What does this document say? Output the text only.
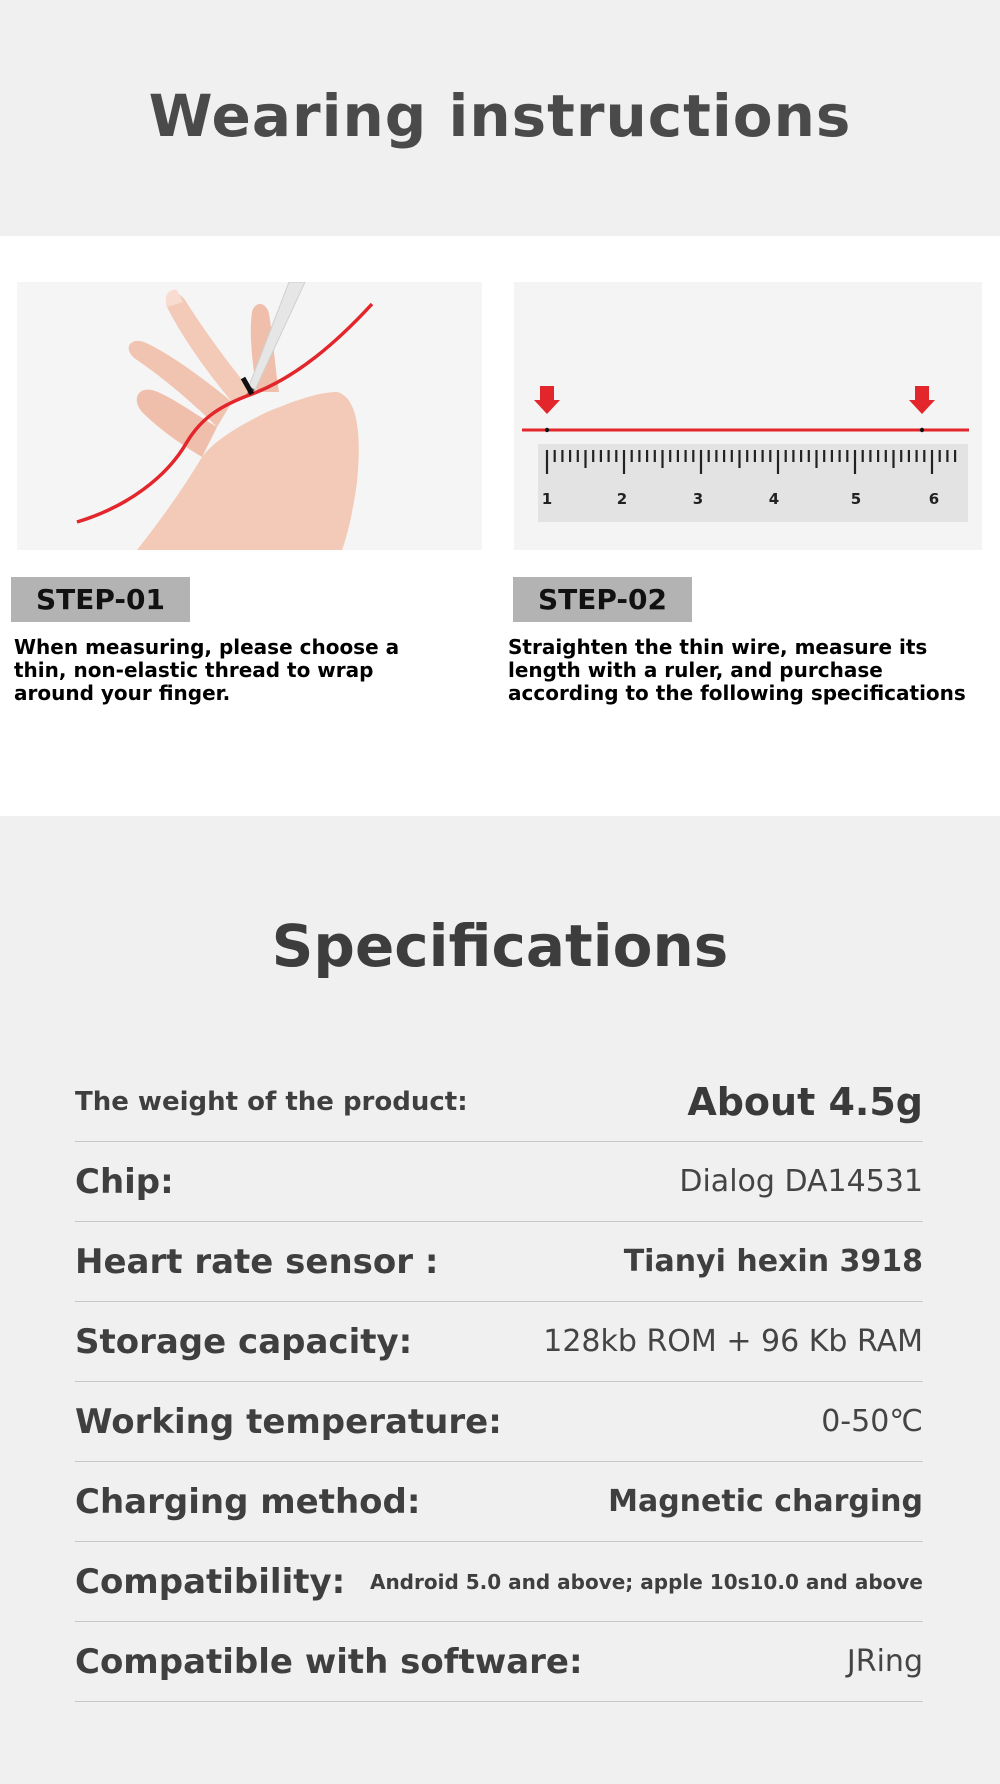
Wearing instructions
1	2	3	4	5	6
STEP-01	STEP-02

When measuring, please choose a thin, non-elastic thread to wrap around your finger.

Straighten the thin wire, measure its length with a ruler, and purchase according to the following specifications

Specifications
The weight of the product:	About 4.5g
Chip:	Dialog DA14531
Heart rate sensor :	Tianyi hexin 3918
Storage capacity:	128kb ROM + 96 Kb RAM
Working temperature:	0-50℃
Charging method:	Magnetic charging
Compatibility: Android 5.0 and above; apple 10s10.0 and above
Compatible with software:	JRing
